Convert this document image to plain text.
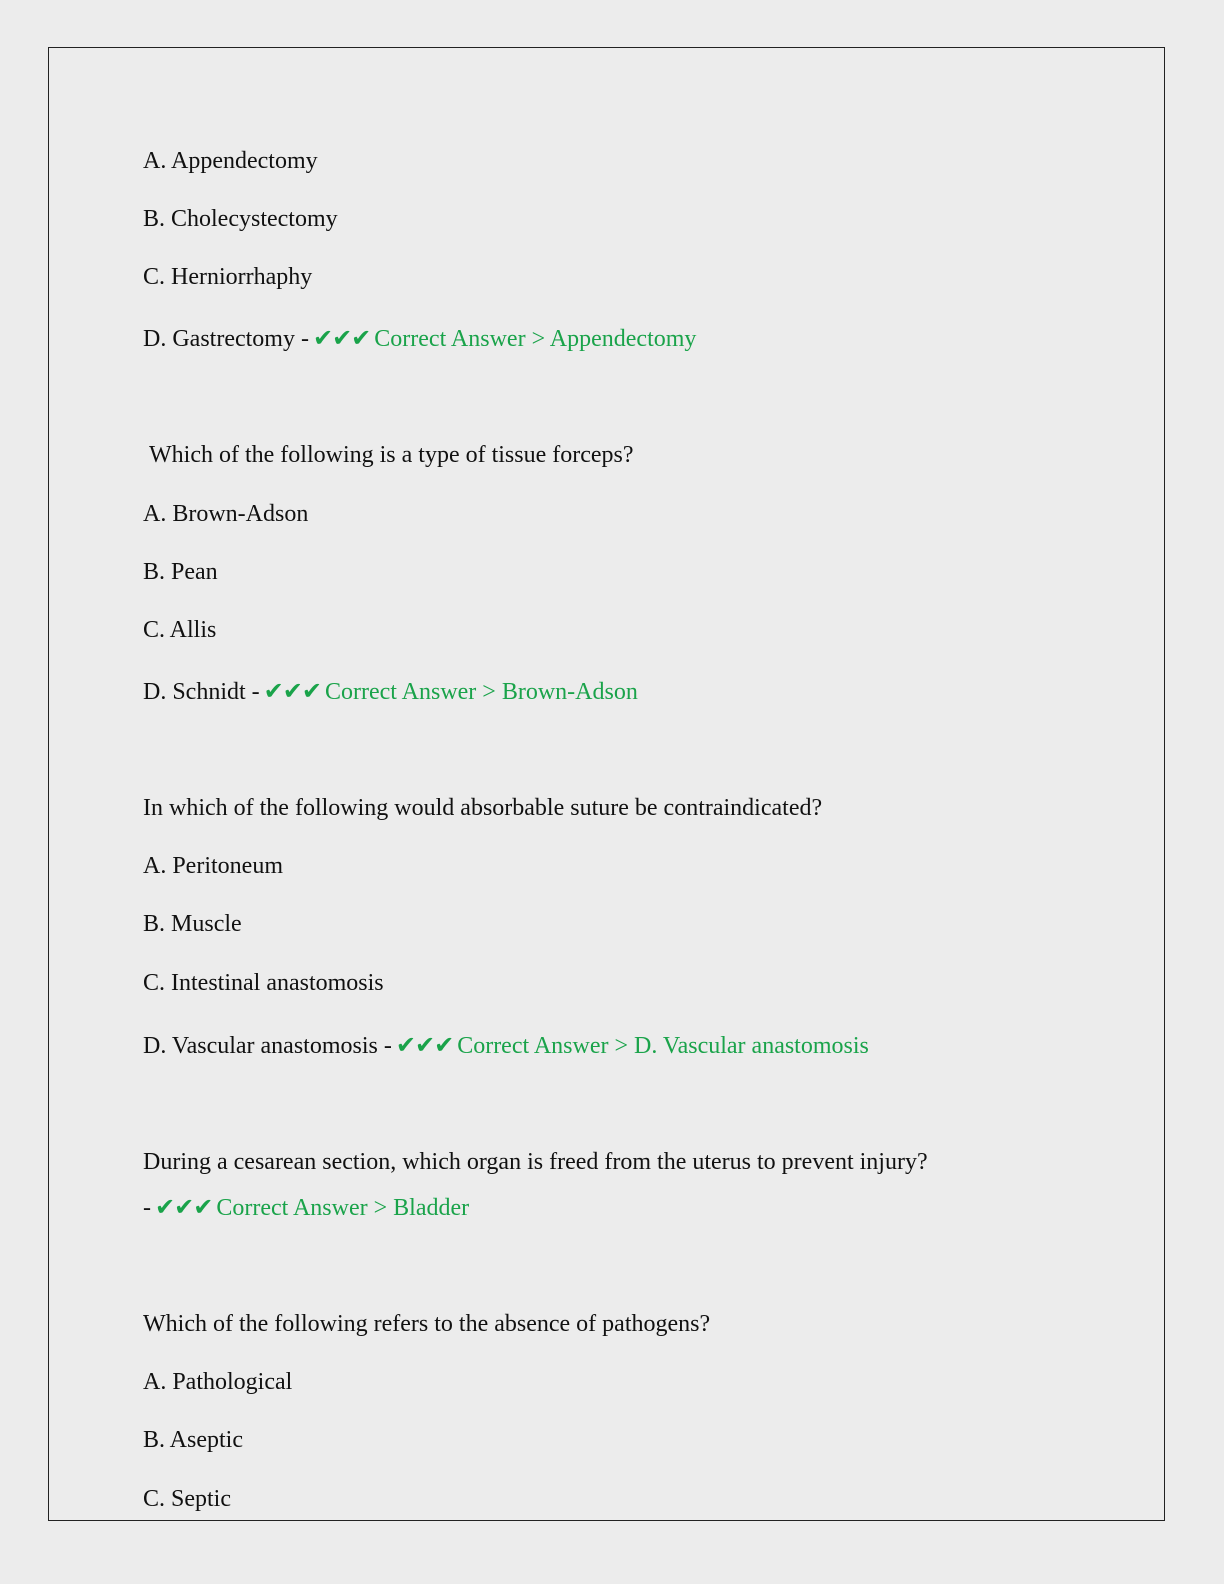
A. Appendectomy
B. Cholecystectomy
C. Herniorrhaphy
D. Gastrectomy - ✔✔✔ Correct Answer > Appendectomy
Which of the following is a type of tissue forceps?
A. Brown-Adson
B. Pean
C. Allis
D. Schnidt - ✔✔✔ Correct Answer > Brown-Adson
In which of the following would absorbable suture be contraindicated?
A. Peritoneum
B. Muscle
C. Intestinal anastomosis
D. Vascular anastomosis - ✔✔✔ Correct Answer > D. Vascular anastomosis
During a cesarean section, which organ is freed from the uterus to prevent injury?
- ✔✔✔ Correct Answer > Bladder
Which of the following refers to the absence of pathogens?
A. Pathological
B. Aseptic
C. Septic
